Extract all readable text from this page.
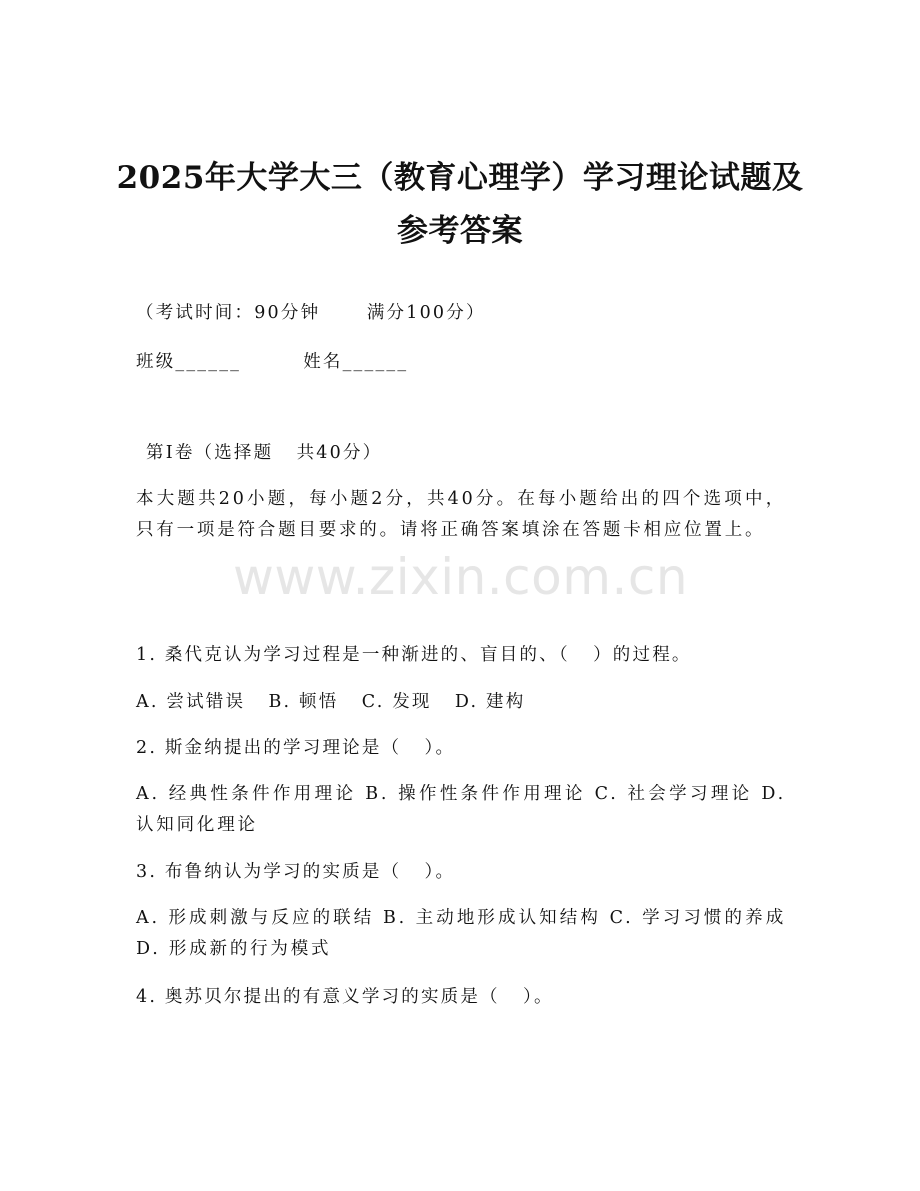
2025年大学大三（教育心理学）学习理论试题及参考答案
（考试时间：90分钟      满分100分）
班级______        姓名______
第Ⅰ卷（选择题   共40分）
本大题共20小题，每小题2分，共40分。在每小题给出的四个选项中，只有一项是符合题目要求的。请将正确答案填涂在答题卡相应位置上。
www.zixin.com.cn
1. 桑代克认为学习过程是一种渐进的、盲目的、（   ）的过程。
A. 尝试错误   B. 顿悟   C. 发现   D. 建构
2. 斯金纳提出的学习理论是（   ）。
A. 经典性条件作用理论 B. 操作性条件作用理论 C. 社会学习理论 D. 认知同化理论
3. 布鲁纳认为学习的实质是（   ）。
A. 形成刺激与反应的联结 B. 主动地形成认知结构 C. 学习习惯的养成 D. 形成新的行为模式
4. 奥苏贝尔提出的有意义学习的实质是（   ）。
